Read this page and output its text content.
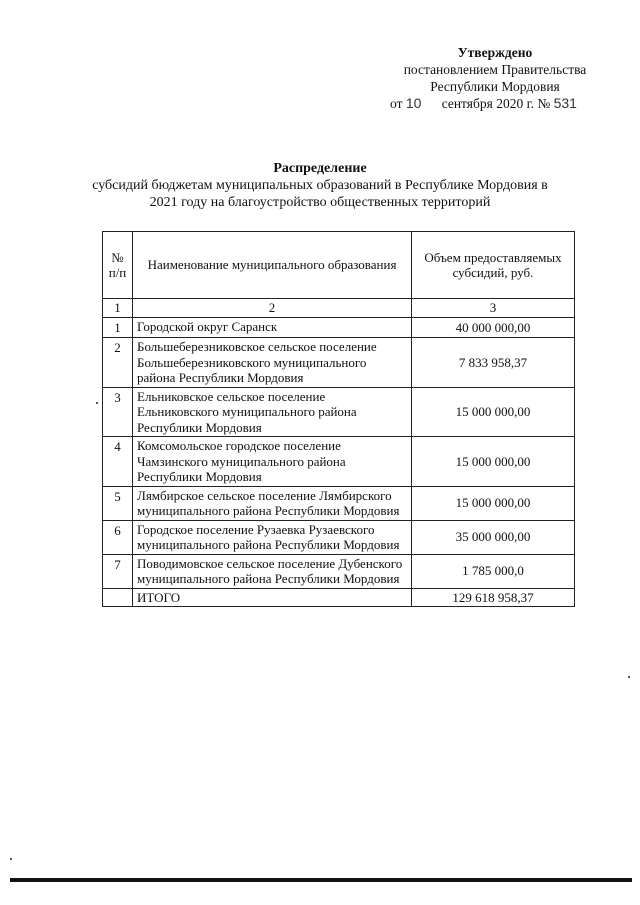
Утверждено
постановлением Правительства
Республики Мордовия
от 10 сентября 2020 г. № 531
Распределение
субсидий бюджетам муниципальных образований в Республике Мордовия в 2021 году на благоустройство общественных территорий
№ п/п	Наименование муниципального образования	Объем предоставляемых субсидий, руб.
1	2	3
1	Городской округ Саранск	40 000 000,00
2	Большеберезниковское сельское поселение Большеберезниковского муниципального района Республики Мордовия	7 833 958,37
3	Ельниковское сельское поселение Ельниковского муниципального района Республики Мордовия	15 000 000,00
4	Комсомольское городское поселение Чамзинского муниципального района Республики Мордовия	15 000 000,00
5	Лямбирское сельское поселение Лямбирского муниципального района Республики Мордовия	15 000 000,00
6	Городское поселение Рузаевка Рузаевского муниципального района Республики Мордовия	35 000 000,00
7	Поводимовское сельское поселение Дубенского муниципального района Республики Мордовия	1 785 000,0
	ИТОГО	129 618 958,37
